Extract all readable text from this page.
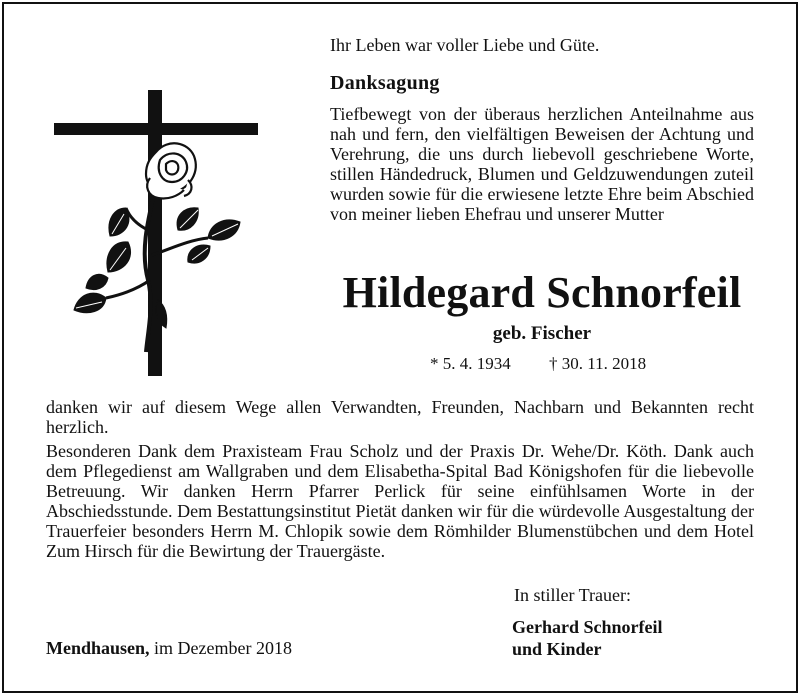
Ihr Leben war voller Liebe und Güte.
Danksagung
Tiefbewegt von der überaus herzlichen Anteilnahme aus nah und fern, den vielfältigen Beweisen der Achtung und Verehrung, die uns durch liebevoll geschriebene Worte, stillen Händedruck, Blumen und Geldzuwendungen zuteil wurden sowie für die erwiesene letzte Ehre beim Abschied von meiner lieben Ehefrau und unserer Mutter
Hildegard Schnorfeil
geb. Fischer
* 5. 4. 1934 † 30. 11. 2018
danken wir auf diesem Wege allen Verwandten, Freunden, Nachbarn und Bekannten recht herzlich.
Besonderen Dank dem Praxisteam Frau Scholz und der Praxis Dr. Wehe/Dr. Köth. Dank auch dem Pflegedienst am Wallgraben und dem Elisabetha-Spital Bad Königshofen für die liebevolle Betreuung. Wir danken Herrn Pfarrer Perlick für seine einfühlsamen Worte in der Abschiedsstunde. Dem Bestattungsinstitut Pietät danken wir für die würdevolle Ausgestaltung der Trauerfeier besonders Herrn M. Chlopik sowie dem Römhilder Blumenstübchen und dem Hotel Zum Hirsch für die Bewirtung der Trauergäste.
In stiller Trauer:
Gerhard Schnorfeil
und Kinder
Mendhausen, im Dezember 2018
